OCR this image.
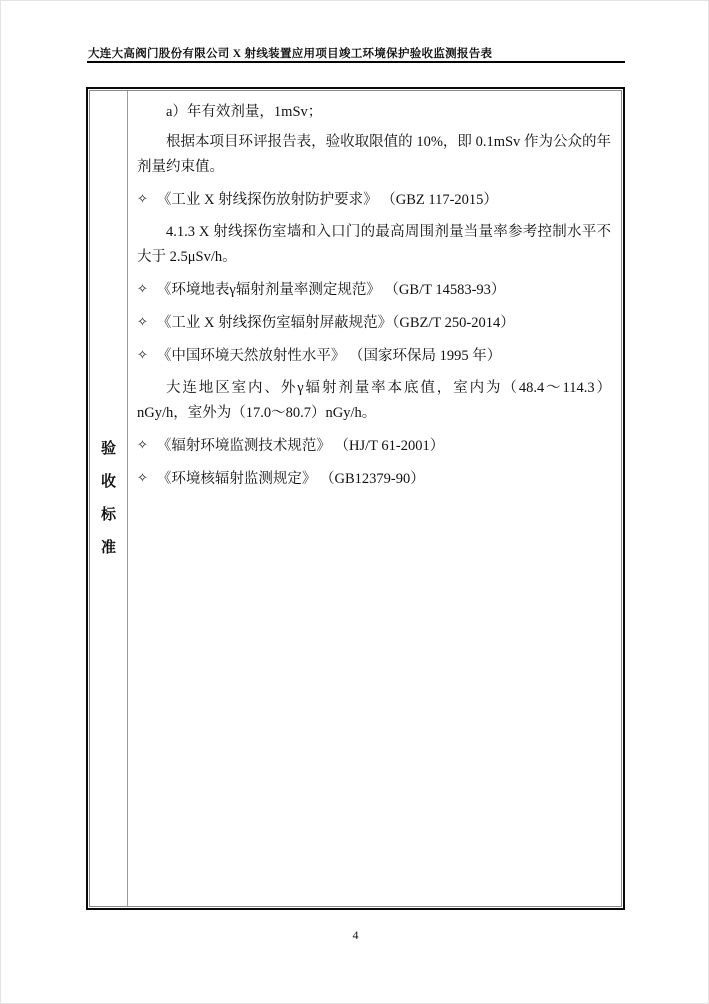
大连大高阀门股份有限公司 X 射线装置应用项目竣工环境保护验收监测报告表
验
收
标
准
a）年有效剂量，1mSv；
根据本项目环评报告表，验收取限值的 10%，即 0.1mSv 作为公众的年剂量约束值。
✧ 《工业 X 射线探伤放射防护要求》 （GBZ 117-2015）
4.1.3 X 射线探伤室墙和入口门的最高周围剂量当量率参考控制水平不大于 2.5μSv/h。
✧ 《环境地表γ辐射剂量率测定规范》 （GB/T 14583-93）
✧ 《工业 X 射线探伤室辐射屏蔽规范》（GBZ/T 250-2014）
✧ 《中国环境天然放射性水平》 （国家环保局 1995 年）
大连地区室内、外γ辐射剂量率本底值，室内为（48.4～114.3）nGy/h，室外为（17.0～80.7）nGy/h。
✧ 《辐射环境监测技术规范》 （HJ/T 61-2001）
✧ 《环境核辐射监测规定》 （GB12379-90）
4
